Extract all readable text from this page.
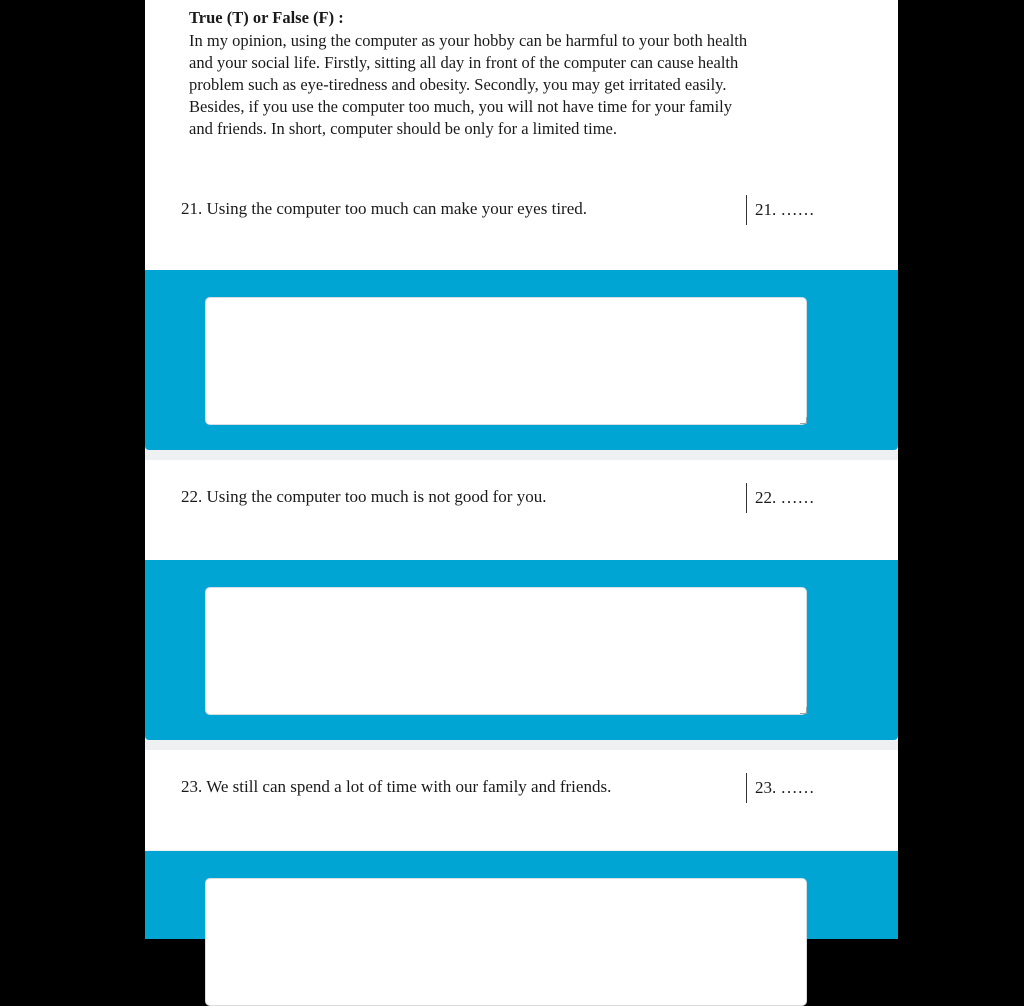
True (T) or False (F) :
In my opinion, using the computer as your hobby can be harmful to your both health
and your social life. Firstly, sitting all day in front of the computer can cause health
problem such as eye-tiredness and obesity. Secondly, you may get irritated easily.
Besides, if you use the computer too much, you will not have time for your family
and friends. In short, computer should be only for a limited time.
21. Using the computer too much can make your eyes tired.	21. ……
22. Using the computer too much is not good for you.	22. ……
23. We still can spend a lot of time with our family and friends.	23. ……
